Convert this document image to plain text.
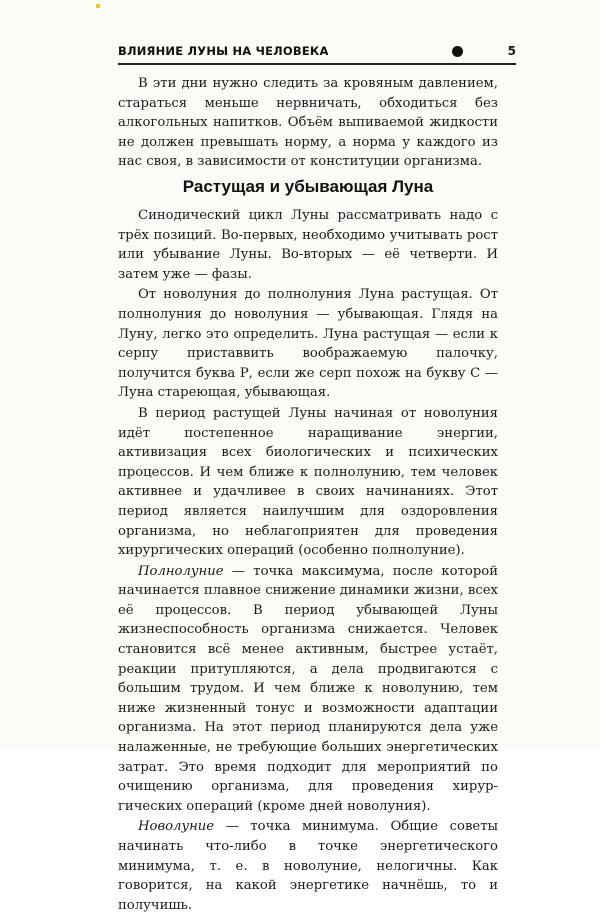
ВЛИЯНИЕ ЛУНЫ НА ЧЕЛОВЕКА	5

В эти дни нужно следить за кровяным давлением, стараться меньше нервничать, обходиться без алкогольных напитков. Объём выпиваемой жидкости не должен превышать норму, а норма у каждого из нас своя, в зависимости от конституции организма.

Растущая и убывающая Луна

Синодический цикл Луны рассматривать надо с трёх позиций. Во-первых, необходимо учитывать рост или убывание Луны. Во-вторых — её четверти. И затем уже — фазы.

От новолуния до полнолуния Луна растущая. От полнолуния до новолуния — убывающая. Глядя на Луну, легко это определить. Луна растущая — если к серпу приставвить воображаемую палочку, получится буква Р, если же серп похож на букву С — Луна стареющая, убывающая.

В период растущей Луны начиная от новолуния идёт постепенное наращивание энергии, активизация всех биологических и психических процессов. И чем ближе к полнолунию, тем человек активнее и удачливее в своих начинаниях. Этот период является наилучшим для оздоровления организма, но неблагоприятен для проведения хирургических операций (особенно полнолуние).

Полнолуние — точка максимума, после которой начинается плавное снижение динамики жизни, всех её процессов. В период убывающей Луны жизнеспособность организма снижается. Человек становится всё менее активным, быстрее устаёт, реакции притупляются, а дела продвигаются с большим трудом. И чем ближе к новолунию, тем ниже жизненный тонус и возможности адаптации организма. На этот период планируются дела уже налаженные, не требующие больших энергетических затрат. Это время подходит для мероприятий по очищению организма, для проведения хирургических операций (кроме дней новолуния).

Новолуние — точка минимума. Общие советы начинать что-либо в точке энергетического минимума, т. е. в новолуние, нелогичны. Как говорится, на какой энергетике начнёшь, то и получишь.
